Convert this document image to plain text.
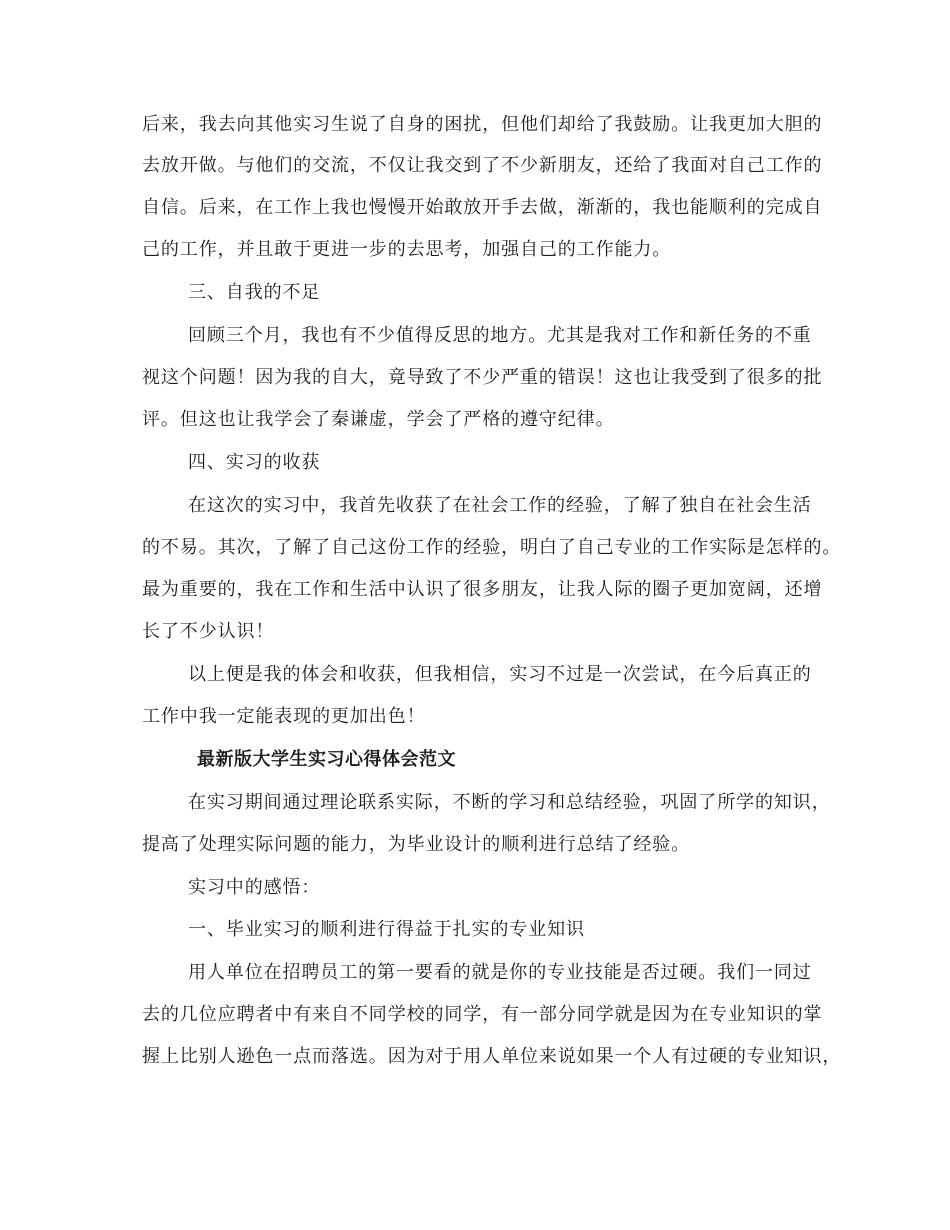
后来，我去向其他实习生说了自身的困扰，但他们却给了我鼓励。让我更加大胆的
去放开做。与他们的交流，不仅让我交到了不少新朋友，还给了我面对自己工作的
自信。后来，在工作上我也慢慢开始敢放开手去做，渐渐的，我也能顺利的完成自
己的工作，并且敢于更进一步的去思考，加强自己的工作能力。
三、自我的不足
回顾三个月，我也有不少值得反思的地方。尤其是我对工作和新任务的不重
视这个问题！因为我的自大，竟导致了不少严重的错误！这也让我受到了很多的批
评。但这也让我学会了秦谦虚，学会了严格的遵守纪律。
四、实习的收获
在这次的实习中，我首先收获了在社会工作的经验，了解了独自在社会生活
的不易。其次，了解了自己这份工作的经验，明白了自己专业的工作实际是怎样的。
最为重要的，我在工作和生活中认识了很多朋友，让我人际的圈子更加宽阔，还增
长了不少认识！
以上便是我的体会和收获，但我相信，实习不过是一次尝试，在今后真正的
工作中我一定能表现的更加出色！
最新版大学生实习心得体会范文
在实习期间通过理论联系实际，不断的学习和总结经验，巩固了所学的知识，
提高了处理实际问题的能力，为毕业设计的顺利进行总结了经验。
实习中的感悟：
一、毕业实习的顺利进行得益于扎实的专业知识
用人单位在招聘员工的第一要看的就是你的专业技能是否过硬。我们一同过
去的几位应聘者中有来自不同学校的同学，有一部分同学就是因为在专业知识的掌
握上比别人逊色一点而落选。因为对于用人单位来说如果一个人有过硬的专业知识，
